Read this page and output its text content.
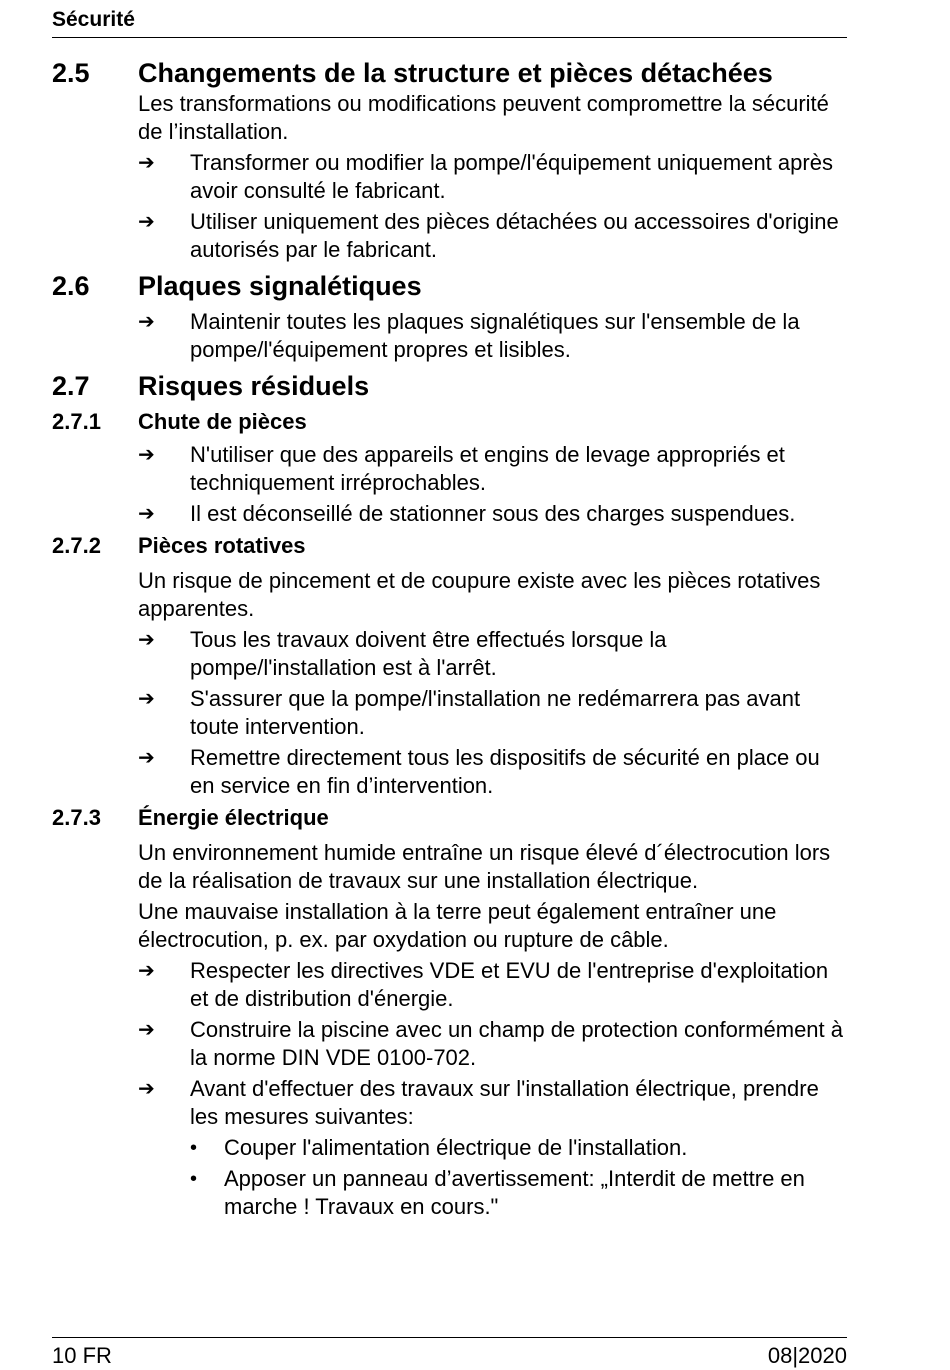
Sécurité
2.5	Changements de la structure et pièces détachées
Les transformations ou modifications peuvent compromettre la sécurité de l’installation.
➔	Transformer ou modifier la pompe/l'équipement uniquement après avoir consulté le fabricant.
➔	Utiliser uniquement des pièces détachées ou accessoires d'origine autorisés par le fabricant.
2.6	Plaques signalétiques
➔	Maintenir toutes les plaques signalétiques sur l'ensemble de la pompe/l'équipement propres et lisibles.
2.7	Risques résiduels
2.7.1	Chute de pièces
➔	N'utiliser que des appareils et engins de levage appropriés et techniquement irréprochables.
➔	Il est déconseillé de stationner sous des charges suspendues.
2.7.2	Pièces rotatives
Un risque de pincement et de coupure existe avec les pièces rotatives apparentes.
➔	Tous les travaux doivent être effectués lorsque la pompe/l'installation est à l'arrêt.
➔	S'assurer que la pompe/l'installation ne redémarrera pas avant toute intervention.
➔	Remettre directement tous les dispositifs de sécurité en place ou en service en fin d’intervention.
2.7.3	Énergie électrique
Un environnement humide entraîne un risque élevé d´électrocution lors de la réalisation de travaux sur une installation électrique.
Une mauvaise installation à la terre peut également entraîner une électrocution, p. ex. par oxydation ou rupture de câble.
➔	Respecter les directives VDE et EVU de l'entreprise d'exploitation et de distribution d'énergie.
➔	Construire la piscine avec un champ de protection conformément à la norme DIN VDE 0100-702.
➔	Avant d'effectuer des travaux sur l'installation électrique, prendre les mesures suivantes:
•	Couper l'alimentation électrique de l'installation.
•	Apposer un panneau d’avertissement: „Interdit de mettre en marche ! Travaux en cours."
10 FR	08|2020
